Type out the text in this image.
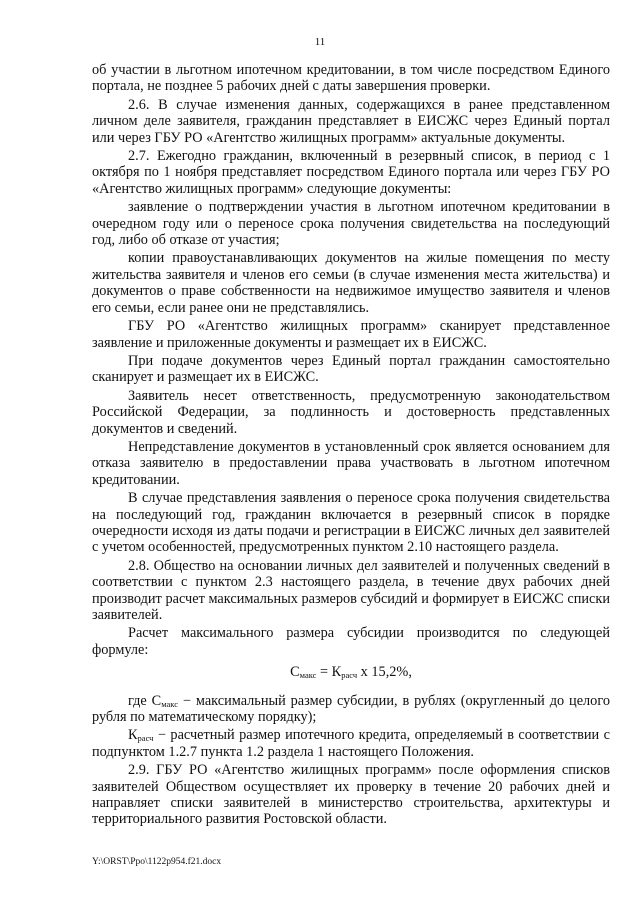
11

об участии в льготном ипотечном кредитовании, в том числе посредством Единого портала, не позднее 5 рабочих дней с даты завершения проверки.

2.6. В случае изменения данных, содержащихся в ранее представленном личном деле заявителя, гражданин представляет в ЕИСЖС через Единый портал или через ГБУ РО «Агентство жилищных программ» актуальные документы.

2.7. Ежегодно гражданин, включенный в резервный список, в период с 1 октября по 1 ноября представляет посредством Единого портала или через ГБУ РО «Агентство жилищных программ» следующие документы:

заявление о подтверждении участия в льготном ипотечном кредитовании в очередном году или о переносе срока получения свидетельства на последующий год, либо об отказе от участия;

копии правоустанавливающих документов на жилые помещения по месту жительства заявителя и членов его семьи (в случае изменения места жительства) и документов о праве собственности на недвижимое имущество заявителя и членов его семьи, если ранее они не представлялись.

ГБУ РО «Агентство жилищных программ» сканирует представленное заявление и приложенные документы и размещает их в ЕИСЖС.

При подаче документов через Единый портал гражданин самостоятельно сканирует и размещает их в ЕИСЖС.

Заявитель несет ответственность, предусмотренную законодательством Российской Федерации, за подлинность и достоверность представленных документов и сведений.

Непредставление документов в установленный срок является основанием для отказа заявителю в предоставлении права участвовать в льготном ипотечном кредитовании.

В случае представления заявления о переносе срока получения свидетельства на последующий год, гражданин включается в резервный список в порядке очередности исходя из даты подачи и регистрации в ЕИСЖС личных дел заявителей с учетом особенностей, предусмотренных пунктом 2.10 настоящего раздела.

2.8. Общество на основании личных дел заявителей и полученных сведений в соответствии с пунктом 2.3 настоящего раздела, в течение двух рабочих дней производит расчет максимальных размеров субсидий и формирует в ЕИСЖС списки заявителей.

Расчет максимального размера субсидии производится по следующей формуле:

$С_{макс} = К_{расч}$ х 15,2%,

где $С_{макс}$ − максимальный размер субсидии, в рублях (округленный до целого рубля по математическому порядку);

$К_{расч}$ − расчетный размер ипотечного кредита, определяемый в соответствии с подпунктом 1.2.7 пункта 1.2 раздела 1 настоящего Положения.

2.9. ГБУ РО «Агентство жилищных программ» после оформления списков заявителей Обществом осуществляет их проверку в течение 20 рабочих дней и направляет списки заявителей в министерство строительства, архитектуры и территориального развития Ростовской области.

Y:\ORST\Ppo\1122p954.f21.docx
